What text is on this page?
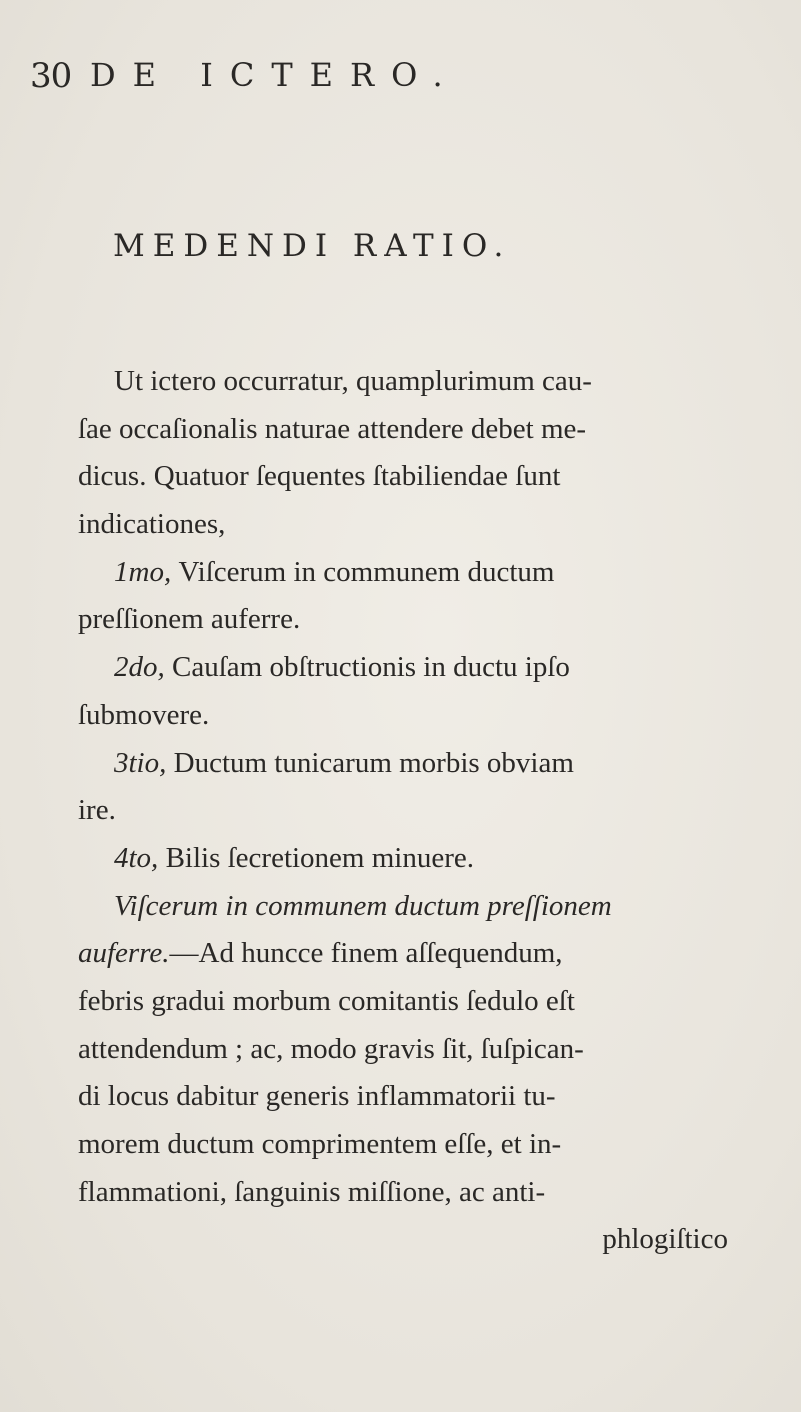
30 DE ICTERO.
MEDENDI RATIO.
Ut icterо occurratur, quamplurimum cau-
ſae occaſionalis naturae attendere debet me-
dicus. Quatuor ſequentes ſtabiliendae ſunt
indicationes,
1mo, Viſcerum in communem ductum
preſſionem auferre.
2do, Cauſam obſtructionis in ductu ipſo
ſubmovere.
3tio, Ductum tunicarum morbis obviam
ire.
4to, Bilis ſecretionem minuere.
Viſcerum in communem ductum preſſionem
auferre.—Ad huncce finem aſſequendum,
febris gradui morbum comitantis ſedulo eſt
attendendum ; ac, modo gravis ſit, ſuſpican-
di locus dabitur generis inflammatorii tu-
morem ductum comprimentem eſſe, et in-
flammationi, ſanguinis miſſione, ac anti-
phlogiſtico
